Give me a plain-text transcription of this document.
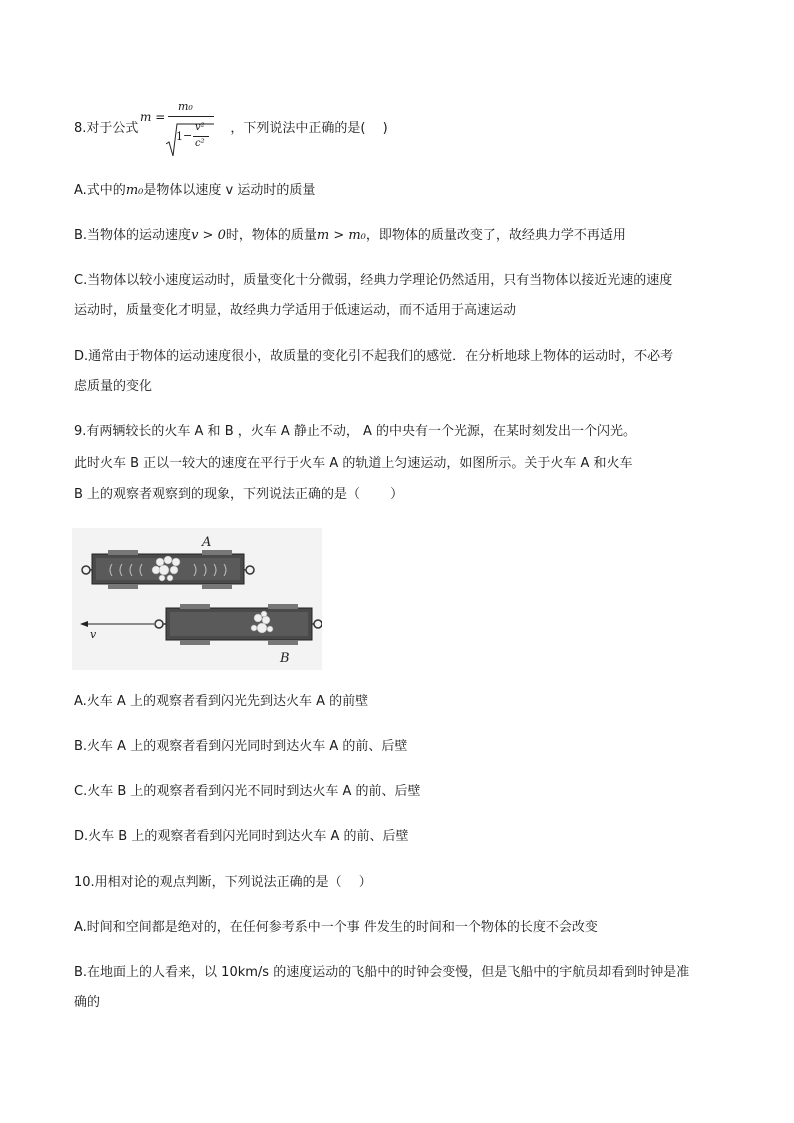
8.对于公式	，下列说法中正确的是(　 )
m =
m₀
1 −
v²
c²
A.式中的m₀是物体以速度 v 运动时的质量
B.当物体的运动速度v > 0时，物体的质量m > m₀，即物体的质量改变了，故经典力学不再适用
C.当物体以较小速度运动时，质量变化十分微弱，经典力学理论仍然适用，只有当物体以接近光速的速度
运动时，质量变化才明显，故经典力学适用于低速运动，而不适用于高速运动
D.通常由于物体的运动速度很小，故质量的变化引不起我们的感觉．在分析地球上物体的运动时，不必考
虑质量的变化
9.有两辆较长的火车 A 和 B ，火车 A 静止不动， A 的中央有一个光源，在某时刻发出一个闪光。
此时火车 B 正以一较大的速度在平行于火车 A 的轨道上匀速运动，如图所示。关于火车 A 和火车
B 上的观察者观察到的现象，下列说法正确的是（　　 ）
A
B
v
A.火车 A 上的观察者看到闪光先到达火车 A 的前壁
B.火车 A 上的观察者看到闪光同时到达火车 A 的前、后壁
C.火车 B 上的观察者看到闪光不同时到达火车 A 的前、后壁
D.火车 B 上的观察者看到闪光同时到达火车 A 的前、后壁
10.用相对论的观点判断，下列说法正确的是（　 ）
A.时间和空间都是绝对的，在任何参考系中一个事 件发生的时间和一个物体的长度不会改变
B.在地面上的人看来，以 10km/s 的速度运动的飞船中的时钟会变慢，但是飞船中的宇航员却看到时钟是准
确的
